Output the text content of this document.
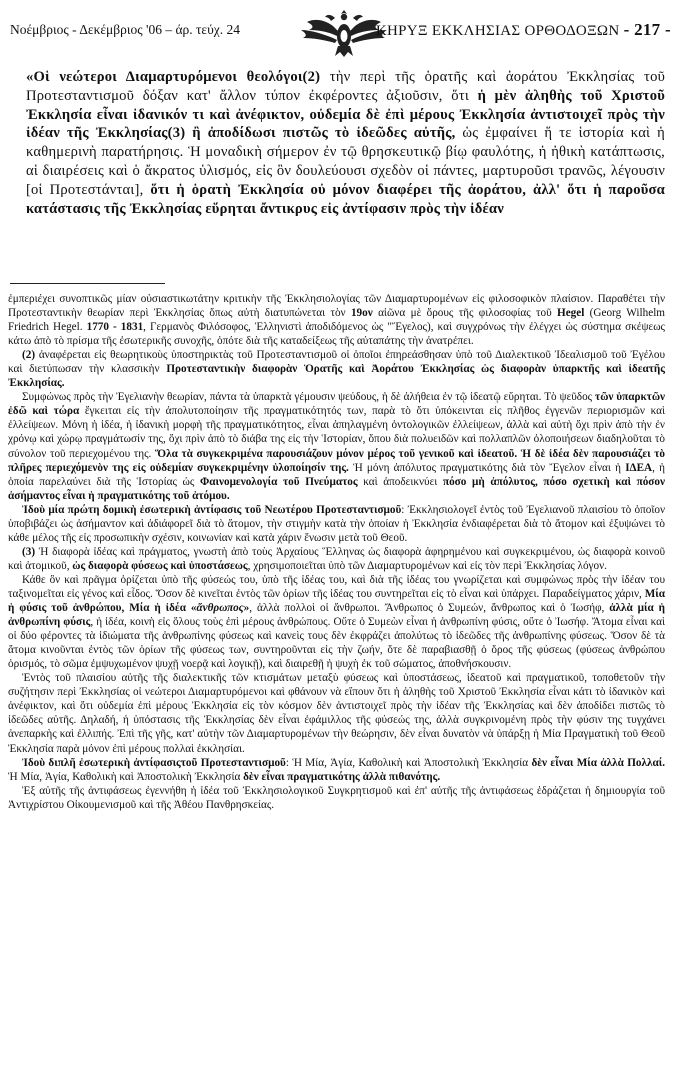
Νοέμβριος - Δεκέμβριος '06 – άρ. τεύχ. 24	ΚΗΡΥΞ ΕΚΚΛΗΣΙΑΣ ΟΡΘΟΔΟΞΩΝ - 217 -
«Οἱ νεώτεροι Διαμαρτυρόμενοι θεολόγοι(2) τὴν περὶ τῆς ὁρατῆς καὶ ἀοράτου Ἐκκλησίας τοῦ Προτεσταντισμοῦ δόξαν κατ' ἄλλον τύπον ἐκφέροντες ἀξιοῦσιν, ὅτι ἡ μὲν ἀληθὴς τοῦ Χριστοῦ Ἐκκλησία εἶναι ἰδανικόν τι καὶ ἀνέφικτον, οὐδεμία δὲ ἐπὶ μέρους Ἐκκλησία ἀντιστοιχεῖ πρὸς τὴν ἰδέαν τῆς Ἐκκλησίας(3) ἢ ἀποδίδωσι πιστῶς τὸ ἰδεῶδες αὐτῆς, ὡς ἐμφαίνει ἥ τε ἱστορία καὶ ἡ καθημερινὴ παρατήρησις. Ἡ μοναδικὴ σήμερον ἐν τῷ θρησκευτικῷ βίῳ φαυλότης, ἡ ἠθικὴ κατάπτωσις, αἱ διαιρέσεις καὶ ὁ ἄκρατος ὑλισμός, εἰς ὃν δουλεύουσι σχεδὸν οἱ πάντες, μαρτυροῦσι τρανῶς, λέγουσιν [οἱ Προτεστάνται], ὅτι ἡ ὁρατὴ Ἐκκλησία οὐ μόνον διαφέρει τῆς ἀοράτου, ἀλλ' ὅτι ἡ παροῦσα κατάστασις τῆς Ἐκκλησίας εὕρηται ἄντικρυς εἰς ἀντίφασιν πρὸς τὴν ἰδέαν

ἐμπεριέχει συνοπτικῶς μίαν οὐσιαστικωτάτην κριτικὴν τῆς Ἐκκλησιολογίας τῶν Διαμαρτυρομένων εἰς φιλοσοφικὸν πλαίσιον. Παραθέτει τὴν Προτεσταντικὴν θεωρίαν περὶ Ἐκκλησίας ὅπως αὐτὴ διατυπώνεται τὸν 19ον αἰῶνα μὲ ὅρους τῆς φιλοσοφίας τοῦ Hegel (Georg Wilhelm Friedrich Hegel. 1770 - 1831, Γερμανὸς Φιλόσοφος, Ἑλληνιστὶ ἀποδιδόμενος ὡς "Ἔγελος), καὶ συγχρόνως τὴν ἐλέγχει ὡς σύστημα σκέψεως κάτω ἀπὸ τὸ πρίσμα τῆς ἐσωτερικῆς συνοχῆς, ὁπότε διὰ τῆς καταδείξεως τῆς αὐταπάτης τὴν ἀνατρέπει.

(2) ἀναφέρεται εἰς θεωρητικοὺς ὑποστηρικτὰς τοῦ Προτεσταντισμοῦ οἱ ὁποῖοι ἐπηρεάσθησαν ὑπὸ τοῦ Διαλεκτικοῦ Ἰδεαλισμοῦ τοῦ Ἐγέλου καὶ διετύπωσαν τὴν κλασσικὴν Προτεσταντικὴν διαφορὰν Ὁρατῆς καὶ Ἀοράτου Ἐκκλησίας ὡς διαφορὰν ὑπαρκτῆς καὶ ἰδεατῆς Ἐκκλησίας.

Συμφώνως πρὸς τὴν Ἐγελιανὴν θεωρίαν, πάντα τὰ ὑπαρκτὰ γέμουσιν ψεύδους, ἡ δὲ ἀλήθεια ἐν τῷ ἰδεατῷ εὕρηται. Τὸ ψεῦδος τῶν ὑπαρκτῶν ἐδῶ καὶ τώρα ἔγκειται εἰς τὴν ἀπολυτοποίησιν τῆς πραγματικότητός των, παρὰ τὸ ὅτι ὑπόκεινται εἰς πλῆθος ἐγγενῶν περιορισμῶν καὶ ἐλλείψεων. Μόνη ἡ ἰδέα, ἡ ἰδανικὴ μορφὴ τῆς πραγματικότητος, εἶναι ἀπηλαγμένη ὀντολογικῶν ἐλλείψεων, ἀλλὰ καὶ αὐτὴ ὄχι πρὶν ἀπὸ τὴν ἐν χρόνῳ καὶ χώρῳ πραγμάτωσίν της, ὄχι πρὶν ἀπὸ τὸ διάβα της εἰς τὴν Ἱστορίαν, ὅπου διὰ πολυειδῶν καὶ πολλαπλῶν ὁλοποιήσεων διαδηλοῦται τὸ σύνολον τοῦ περιεχομένου της. Ὅλα τὰ συγκεκριμένα παρουσιάζουν μόνον μέρος τοῦ γενικοῦ καὶ ἰδεατοῦ. Ἡ δὲ ἰδέα δὲν παρουσιάζει τὸ πλῆρες περιεχόμενὸν της εἰς οὐδεμίαν συγκεκριμένην ὑλοποίησίν της. Ἡ μόνη ἀπόλυτος πραγματικότης διὰ τὸν Ἔγελον εἶναι ἡ ΙΔΕΑ, ἡ ὁποία παρελαύνει διὰ τῆς Ἱστορίας ὡς Φαινομενολογία τοῦ Πνεύματος καὶ ἀποδεικνύει πόσο μὴ ἀπόλυτος, πόσο σχετικὴ καὶ πόσον ἀσήμαντος εἶναι ἡ πραγματικότης τοῦ ἀτόμου.

Ἰδοὺ μία πρώτη δομικὴ ἐσωτερικὴ ἀντίφασις τοῦ Νεωτέρου Προτεσταντισμοῦ: Ἐκκλησιολογεῖ ἐντὸς τοῦ Ἐγελιανοῦ πλαισίου τὸ ὁποῖον ὑποβιβάζει ὡς ἀσήμαντον καὶ ἀδιάφορεῖ διὰ τὸ ἄτομον, τὴν στιγμὴν κατὰ τὴν ὁποίαν ἡ Ἐκκλησία ἐνδιαφέρεται διὰ τὸ ἄτομον καὶ ἐξυψώνει τὸ κάθε μέλος τῆς εἰς προσωπικὴν σχέσιν, κοινωνίαν καὶ κατὰ χάριν ἕνωσιν μετὰ τοῦ Θεοῦ.

(3) Ἡ διαφορὰ ἰδέας καὶ πράγματος, γνωστὴ ἀπὸ τοὺς Ἀρχαίους Ἕλληνας ὡς διαφορὰ ἀφηρημένου καὶ συγκεκριμένου, ὡς διαφορὰ κοινοῦ καὶ ἀτομικοῦ, ὡς διαφορὰ φύσεως καὶ ὑποστάσεως, χρησιμοποιεῖται ὑπὸ τῶν Διαμαρτυρομένων καὶ εἰς τὸν περὶ Ἐκκλησίας λόγον.

Κάθε ὂν καὶ πρᾶγμα ὁρίζεται ὑπὸ τῆς φύσεώς του, ὑπὸ τῆς ἰδέας του, καὶ διὰ τῆς ἰδέας του γνωρίζεται καὶ συμφώνως πρὸς τὴν ἰδέαν του ταξινομεῖται εἰς γένος καὶ εἶδος. Ὅσον δὲ κινεῖται ἐντὸς τῶν ὁρίων τῆς ἰδέας του συντηρεῖται εἰς τὸ εἶναι καὶ ὑπάρχει. Παραδείγματος χάριν, Μία ἡ φύσις τοῦ ἀνθρώπου, Μία ἡ ἰδέα «ἄνθρωπος», ἀλλὰ πολλοὶ οἱ ἄνθρωποι. Ἄνθρωπος ὁ Συμεών, ἄνθρωπος καὶ ὁ Ἰωσήφ, ἀλλὰ μία ἡ ἀνθρωπίνη φύσις, ἡ ἰδέα, κοινὴ εἰς ὅλους τοὺς ἐπὶ μέρους ἀνθρώπους. Οὔτε ὁ Συμεὼν εἶναι ἡ ἀνθρωπίνη φύσις, οὔτε ὁ Ἰωσήφ. Ἄτομα εἶναι καὶ οἱ δύο φέροντες τὰ ἰδιώματα τῆς ἀνθρωπίνης φύσεως καὶ κανεὶς τους δὲν ἐκφράζει ἀπολύτως τὸ ἰδεῶδες τῆς ἀνθρωπίνης φύσεως. Ὅσον δὲ τὰ ἄτομα κινοῦνται ἐντὸς τῶν ὁρίων τῆς φύσεως των, συντηροῦνται εἰς τὴν ζωήν, ὅτε δὲ παραβιασθῇ ὁ ὅρος τῆς φύσεως (φύσεως ἀνθρώπου ὁρισμός, τὸ σῶμα ἐμψυχωμένον ψυχῇ νοερᾷ καὶ λογικῇ), καὶ διαιρεθῇ ἡ ψυχὴ ἐκ τοῦ σώματος, ἀποθνήσκουσιν.

Ἐντὸς τοῦ πλαισίου αὐτῆς τῆς διαλεκτικῆς τῶν κτισμάτων μεταξὺ φύσεως καὶ ὑποστάσεως, ἰδεατοῦ καὶ πραγματικοῦ, τοποθετοῦν τὴν συζήτησιν περὶ Ἐκκλησίας οἱ νεώτεροι Διαμαρτυρόμενοι καὶ φθάνουν νὰ εἴπουν ὅτι ἡ ἀληθὴς τοῦ Χριστοῦ Ἐκκλησία εἶναι κάτι τὸ ἰδανικὸν καὶ ἀνέφικτον, καὶ ὅτι οὐδεμία ἐπὶ μέρους Ἐκκλησία εἰς τὸν κόσμον δὲν ἀντιστοιχεῖ πρὸς τὴν ἰδέαν τῆς Ἐκκλησίας καὶ δὲν ἀποδίδει πιστῶς τὸ ἰδεῶδες αὐτῆς. Δηλαδή, ἡ ὑπόστασις τῆς Ἐκκλησίας δὲν εἶναι ἐφάμιλλος τῆς φύσεώς της, ἀλλὰ συγκρινομένη πρὸς τὴν φύσιν της τυγχάνει ἀνεπαρκὴς καὶ ἐλλιπής. Ἐπὶ τῆς γῆς, κατ' αὐτὴν τῶν Διαμαρτυρομένων τὴν θεώρησιν, δὲν εἶναι δυνατὸν νὰ ὑπάρξῃ ἡ Μία Πραγματικὴ τοῦ Θεοῦ Ἐκκλησία παρὰ μόνον ἐπὶ μέρους πολλαὶ ἐκκλησίαι.

Ἰδοὺ διπλῆ ἐσωτερικὴ ἀντίφασιςτοῦ Προτεσταντισμοῦ: Ἡ Μία, Ἁγία, Καθολικὴ καὶ Ἀποστολικὴ Ἐκκλησία δὲν εἶναι Μία ἀλλὰ Πολλαί. Ἡ Μία, Ἁγία, Καθολικὴ καὶ Ἀποστολικὴ Ἐκκλησία δὲν εἶναι πραγματικότης ἀλλὰ πιθανότης.

Ἐξ αὐτῆς τῆς ἀντιφάσεως ἐγεννήθη ἡ ἰδέα τοῦ Ἐκκλησιολογικοῦ Συγκρητισμοῦ καὶ ἐπ' αὐτῆς τῆς ἀντιφάσεως ἑδράζεται ἡ δημιουργία τοῦ Ἀντιχρίστου Οἰκουμενισμοῦ καὶ τῆς Ἀθέου Πανθρησκείας.
